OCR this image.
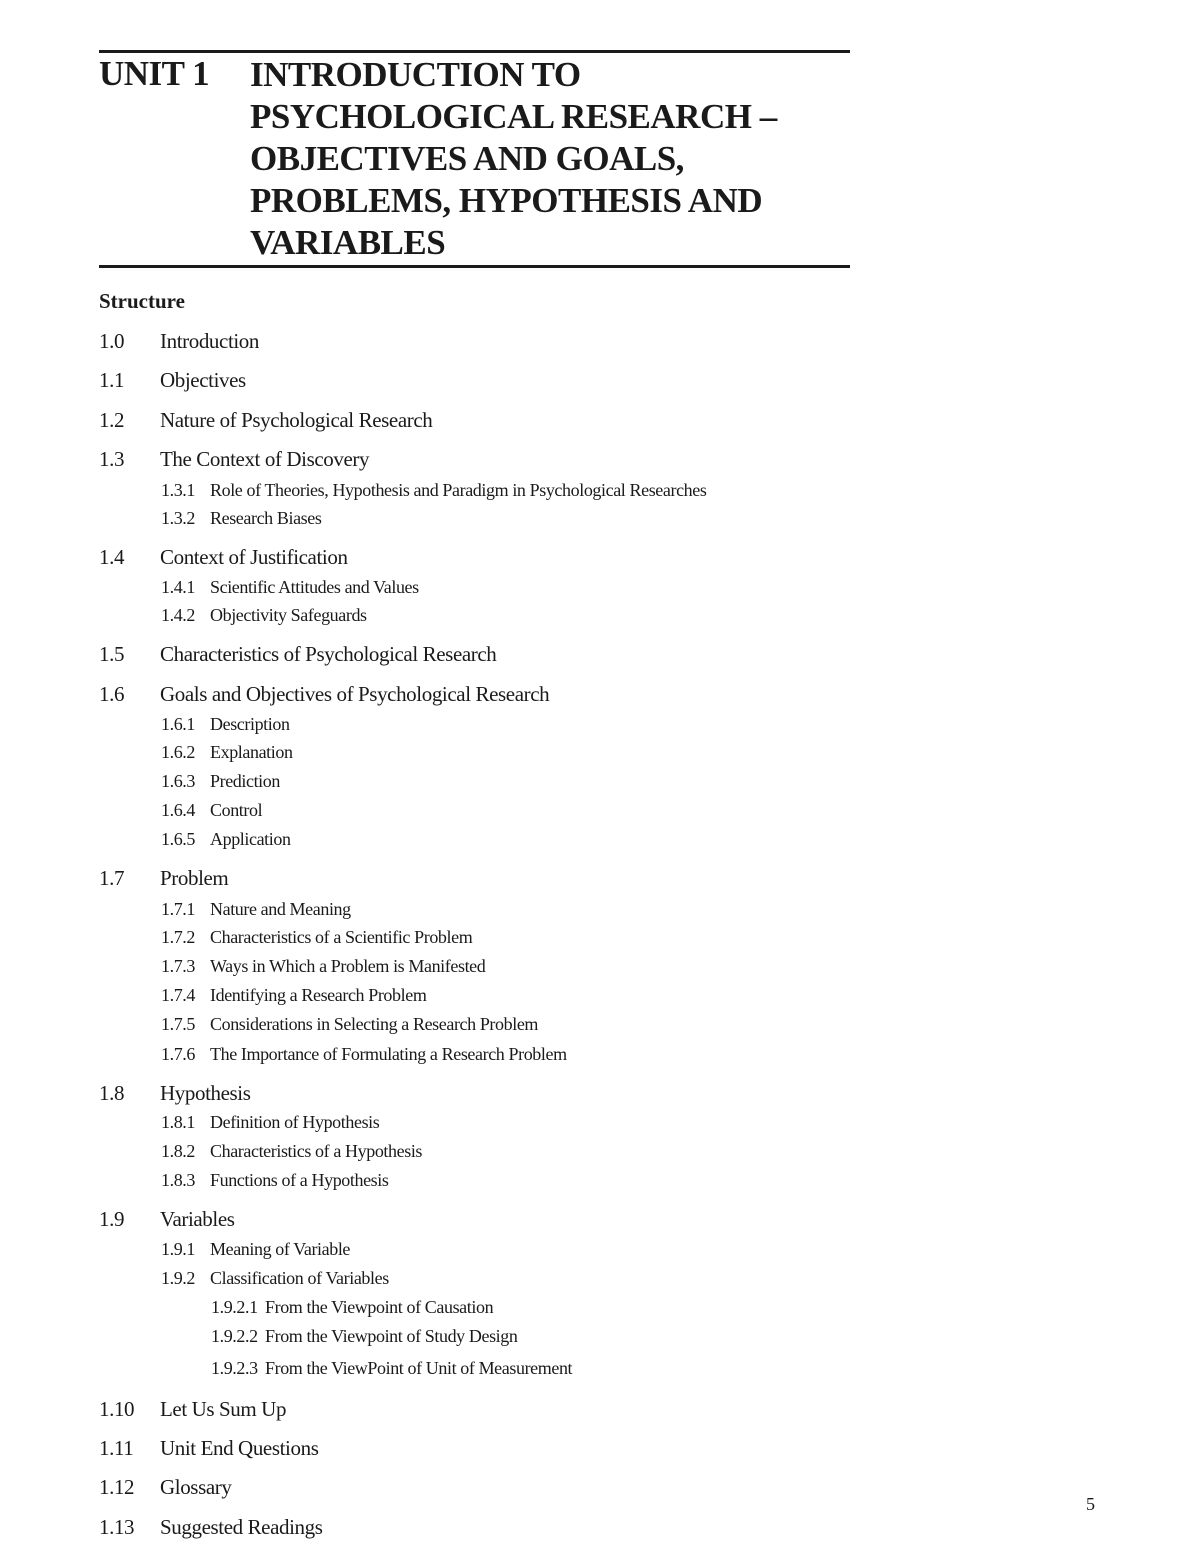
UNIT 1 INTRODUCTION TO
PSYCHOLOGICAL RESEARCH –
OBJECTIVES AND GOALS,
PROBLEMS, HYPOTHESIS AND
VARIABLES
Structure
1.0 Introduction
1.1 Objectives
1.2 Nature of Psychological Research
1.3 The Context of Discovery
1.3.1 Role of Theories, Hypothesis and Paradigm in Psychological Researches
1.3.2 Research Biases
1.4 Context of Justification
1.4.1 Scientific Attitudes and Values
1.4.2 Objectivity Safeguards
1.5 Characteristics of Psychological Research
1.6 Goals and Objectives of Psychological Research
1.6.1 Description
1.6.2 Explanation
1.6.3 Prediction
1.6.4 Control
1.6.5 Application
1.7 Problem
1.7.1 Nature and Meaning
1.7.2 Characteristics of a Scientific Problem
1.7.3 Ways in Which a Problem is Manifested
1.7.4 Identifying a Research Problem
1.7.5 Considerations in Selecting a Research Problem
1.7.6 The Importance of Formulating a Research Problem
1.8 Hypothesis
1.8.1 Definition of Hypothesis
1.8.2 Characteristics of a Hypothesis
1.8.3 Functions of a Hypothesis
1.9 Variables
1.9.1 Meaning of Variable
1.9.2 Classification of Variables
1.9.2.1 From the Viewpoint of Causation
1.9.2.2 From the Viewpoint of Study Design
1.9.2.3 From the ViewPoint of Unit of Measurement
1.10 Let Us Sum Up
1.11 Unit End Questions
1.12 Glossary
1.13 Suggested Readings
5
